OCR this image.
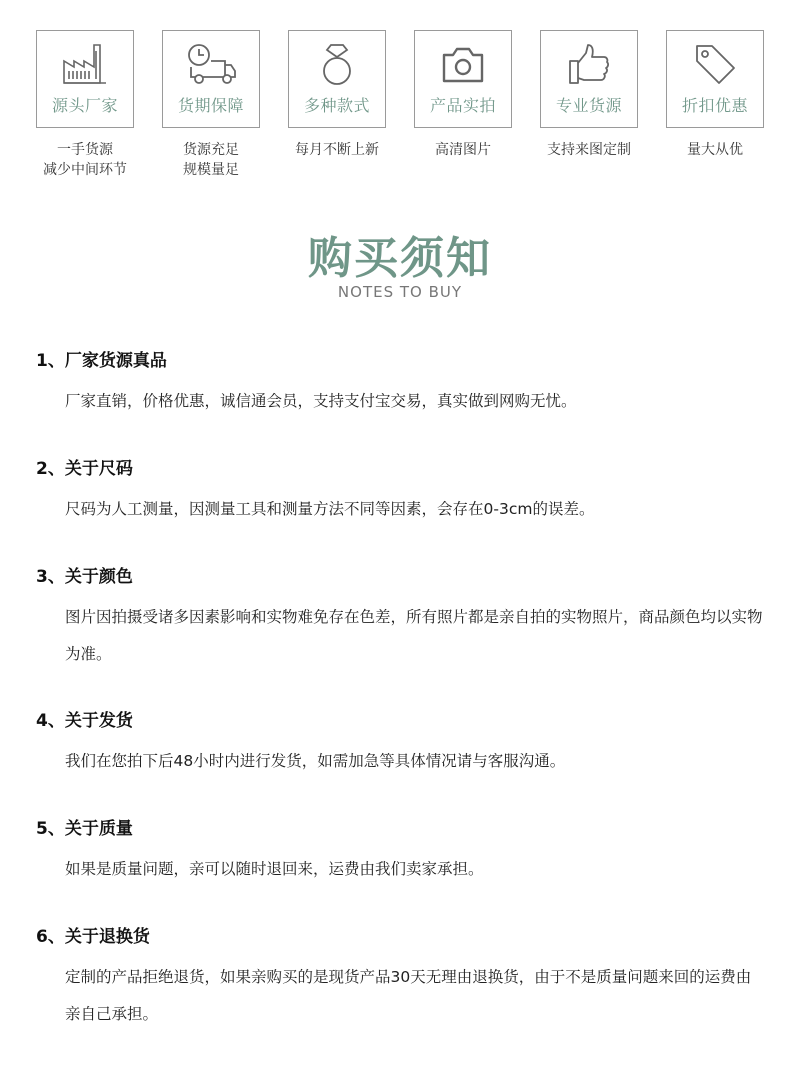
源头厂家
一手货源
减少中间环节
货期保障
货源充足
规模量足
多种款式
每月不断上新
产品实拍
高清图片
专业货源
支持来图定制
折扣优惠
量大从优
购买须知
NOTES TO BUY
1、厂家货源真品

厂家直销，价格优惠，诚信通会员，支持支付宝交易，真实做到网购无忧。

2、关于尺码

尺码为人工测量，因测量工具和测量方法不同等因素，会存在0-3cm的误差。

3、关于颜色

图片因拍摄受诸多因素影响和实物难免存在色差，所有照片都是亲自拍的实物照片，商品颜色均以实物为准。

4、关于发货

我们在您拍下后48小时内进行发货，如需加急等具体情况请与客服沟通。

5、关于质量

如果是质量问题，亲可以随时退回来，运费由我们卖家承担。

6、关于退换货

定制的产品拒绝退货，如果亲购买的是现货产品30天无理由退换货，由于不是质量问题来回的运费由亲自己承担。
